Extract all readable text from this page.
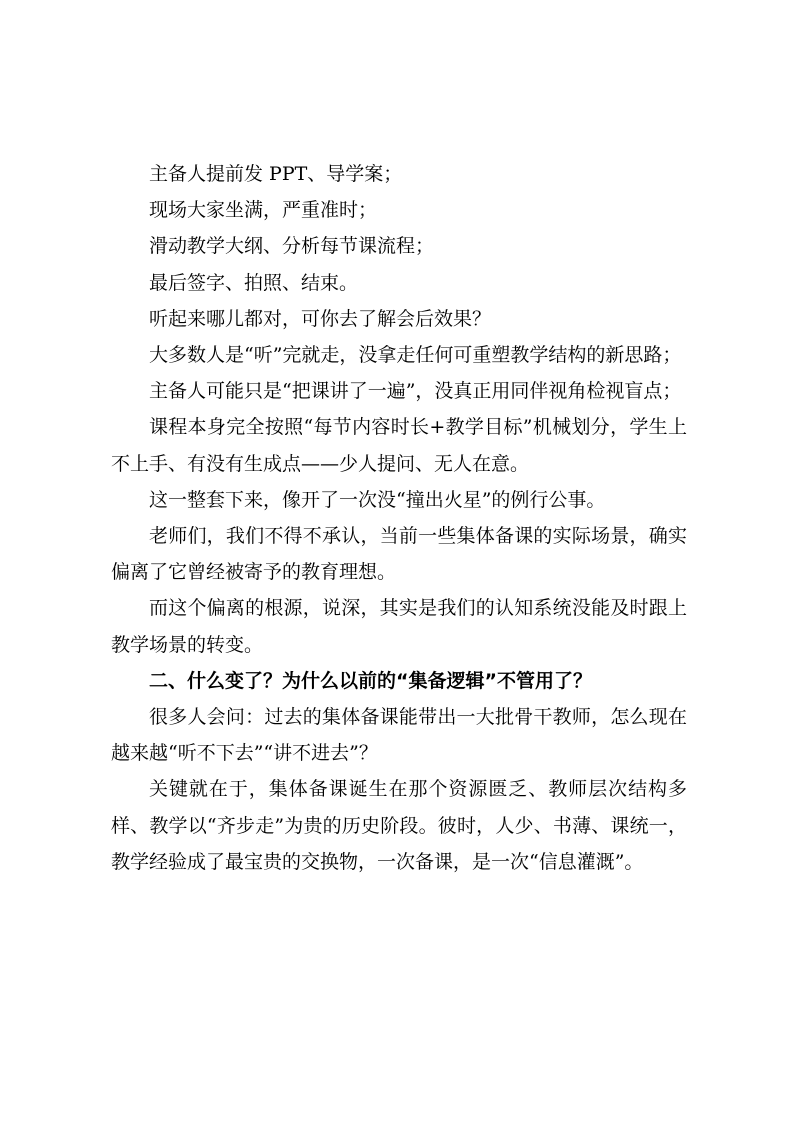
主备人提前发 PPT、导学案；

现场大家坐满，严重准时；

滑动教学大纲、分析每节课流程；

最后签字、拍照、结束。

听起来哪儿都对，可你去了解会后效果？

大多数人是“听”完就走，没拿走任何可重塑教学结构的新思路；

主备人可能只是“把课讲了一遍”，没真正用同伴视角检视盲点；

课程本身完全按照“每节内容时长+教学目标”机械划分，学生上不上手、有没有生成点——少人提问、无人在意。

这一整套下来，像开了一次没“撞出火星”的例行公事。

老师们，我们不得不承认，当前一些集体备课的实际场景，确实偏离了它曾经被寄予的教育理想。

而这个偏离的根源，说深，其实是我们的认知系统没能及时跟上教学场景的转变。

二、什么变了？为什么以前的“集备逻辑”不管用了？

很多人会问：过去的集体备课能带出一大批骨干教师，怎么现在越来越“听不下去”“讲不进去”？

关键就在于，集体备课诞生在那个资源匮乏、教师层次结构多样、教学以“齐步走”为贵的历史阶段。彼时，人少、书薄、课统一，教学经验成了最宝贵的交换物，一次备课，是一次“信息灌溉”。
